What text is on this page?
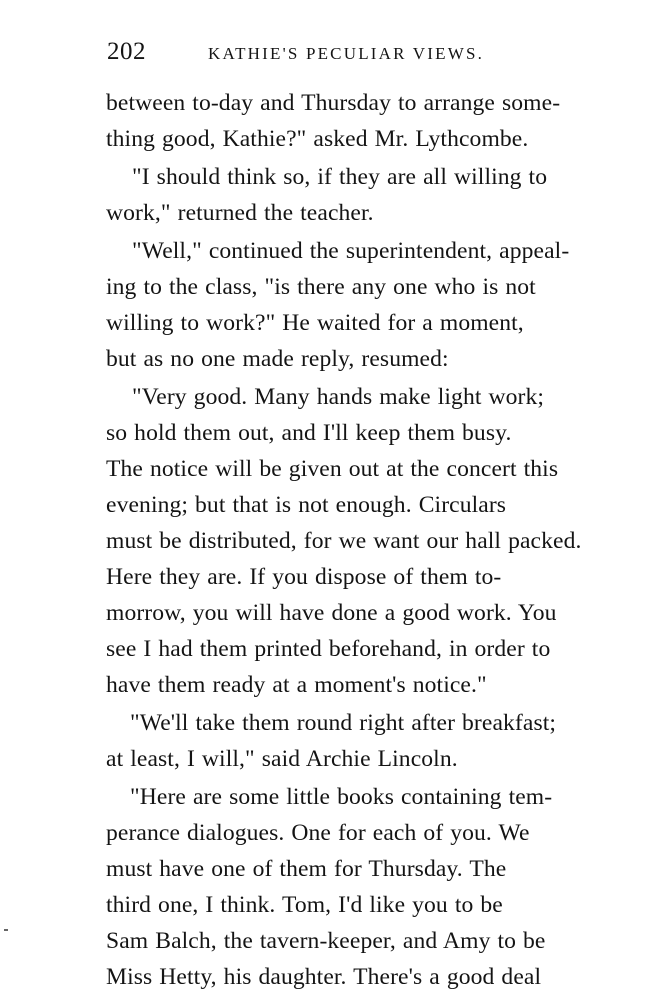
202	KATHIE'S PECULIAR VIEWS.
between to-day and Thursday to arrange some-
thing good, Kathie?" asked Mr. Lythcombe.
"I should think so, if they are all willing to
work," returned the teacher.
"Well," continued the superintendent, appeal-
ing to the class, "is there any one who is not
willing to work?" He waited for a moment,
but as no one made reply, resumed:
"Very good. Many hands make light work;
so hold them out, and I'll keep them busy.
The notice will be given out at the concert this
evening; but that is not enough. Circulars
must be distributed, for we want our hall packed.
Here they are. If you dispose of them to-
morrow, you will have done a good work. You
see I had them printed beforehand, in order to
have them ready at a moment's notice."
"We'll take them round right after breakfast;
at least, I will," said Archie Lincoln.
"Here are some little books containing tem-
perance dialogues. One for each of you. We
must have one of them for Thursday. The
third one, I think. Tom, I'd like you to be
Sam Balch, the tavern-keeper, and Amy to be
Miss Hetty, his daughter. There's a good deal
